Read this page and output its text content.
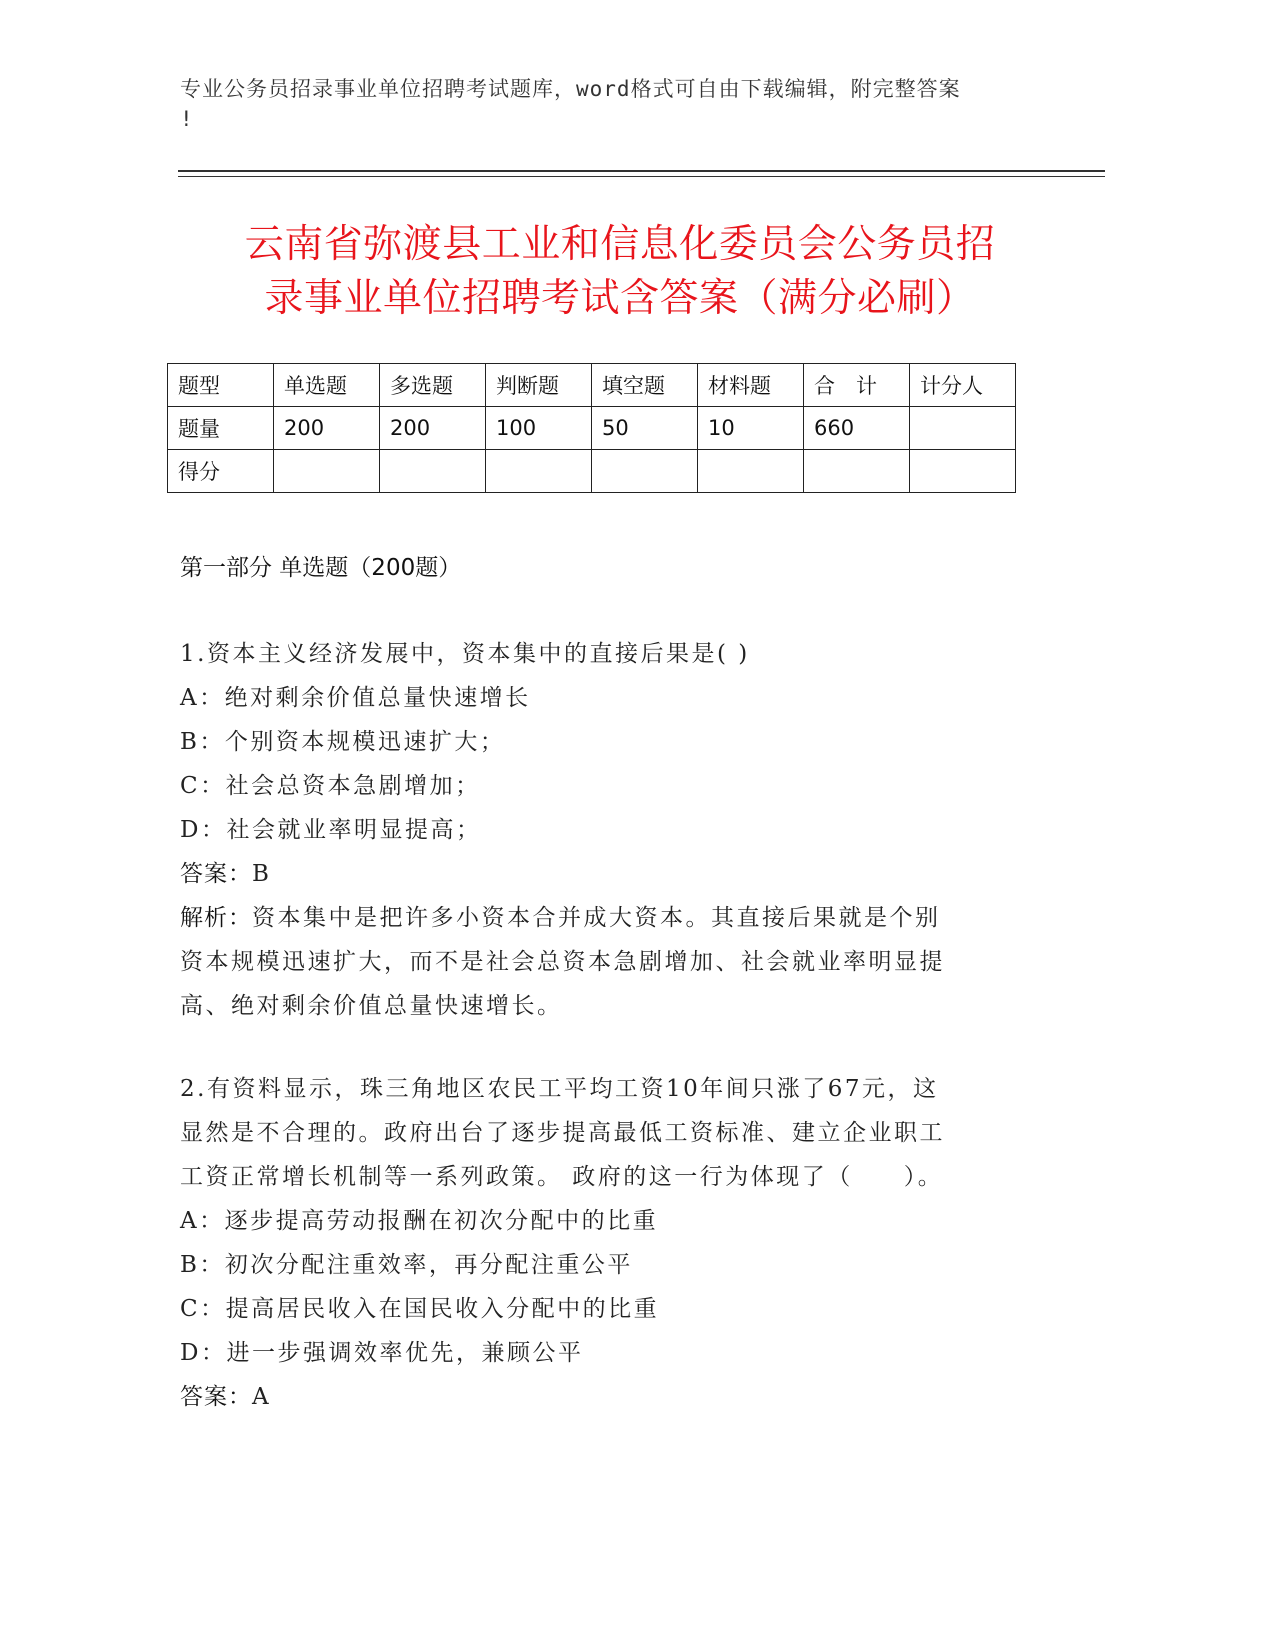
专业公务员招录事业单位招聘考试题库，word格式可自由下载编辑，附完整答案
!
云南省弥渡县工业和信息化委员会公务员招
录事业单位招聘考试含答案（满分必刷）
题型	单选题	多选题	判断题	填空题	材料题	合　计	计分人
题量	200	200	100	50	10	660	
得分							
第一部分 单选题（200题）
1.资本主义经济发展中，资本集中的直接后果是( )
A：绝对剩余价值总量快速增长
B：个别资本规模迅速扩大；
C：社会总资本急剧增加；
D：社会就业率明显提高；
答案：B
解析：资本集中是把许多小资本合并成大资本。其直接后果就是个别
资本规模迅速扩大，而不是社会总资本急剧增加、社会就业率明显提
高、绝对剩余价值总量快速增长。
2.有资料显示，珠三角地区农民工平均工资10年间只涨了67元，这
显然是不合理的。政府出台了逐步提高最低工资标准、建立企业职工
工资正常增长机制等一系列政策。 政府的这一行为体现了（　　）。
A：逐步提高劳动报酬在初次分配中的比重
B：初次分配注重效率，再分配注重公平
C：提高居民收入在国民收入分配中的比重
D：进一步强调效率优先，兼顾公平
答案：A
